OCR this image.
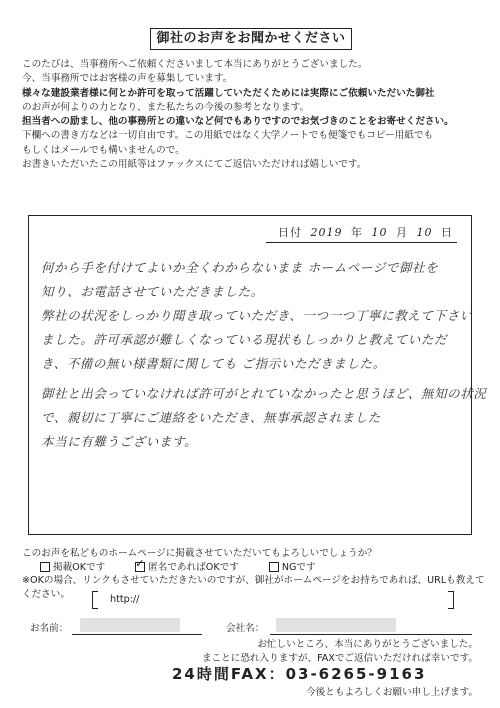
御社のお声をお聞かせください

このたびは、当事務所へご依頼くださいまして本当にありがとうございました。

今、当事務所ではお客様の声を募集しています。

様々な建設業者様に何とか許可を取って活躍していただくためには実際にご依頼いただいた御社

のお声が何よりの力となり、また私たちの今後の参考となります。

担当者への励まし、他の事務所との違いなど何でもありですのでお気づきのことをお寄せください。

下欄への書き方などは一切自由です。この用紙ではなく大学ノートでも便箋でもコピー用紙でも

もしくはメールでも構いませんので。

お書きいただいたこの用紙等はファックスにてご返信いただければ嬉しいです。

日付 2019 年 10 月 10 日

何から手を付けてよいか全くわからないまま ホームページで御社を

知り、お電話させていただきました。

弊社の状況をしっかり聞き取っていただき、一つ一つ丁寧に教えて下さい

ました。許可承認が難しくなっている現状もしっかりと教えていただ

き、不備の無い様書類に関しても ご指示いただきました。

御社と出会っていなければ許可がとれていなかったと思うほど、無知の状況

で、親切に丁寧にご連絡をいただき、無事承認されました

本当に有難うございます。

このお声を私どものホームページに掲載させていただいてもよろしいでしょうか？

掲載OKです
✓	匿名であればOKです	NGです

※OKの場合、リンクもさせていただきたいのですが、御社がホームページをお持ちであれば、URLも教えて

ください。	http://
お名前：	会社名：
お忙しいところ、本当にありがとうございました。
まことに恐れ入りますが、FAXでご返信いただければ幸いです。
24時間FAX：03-6265-9163
今後ともよろしくお願い申し上げます。
